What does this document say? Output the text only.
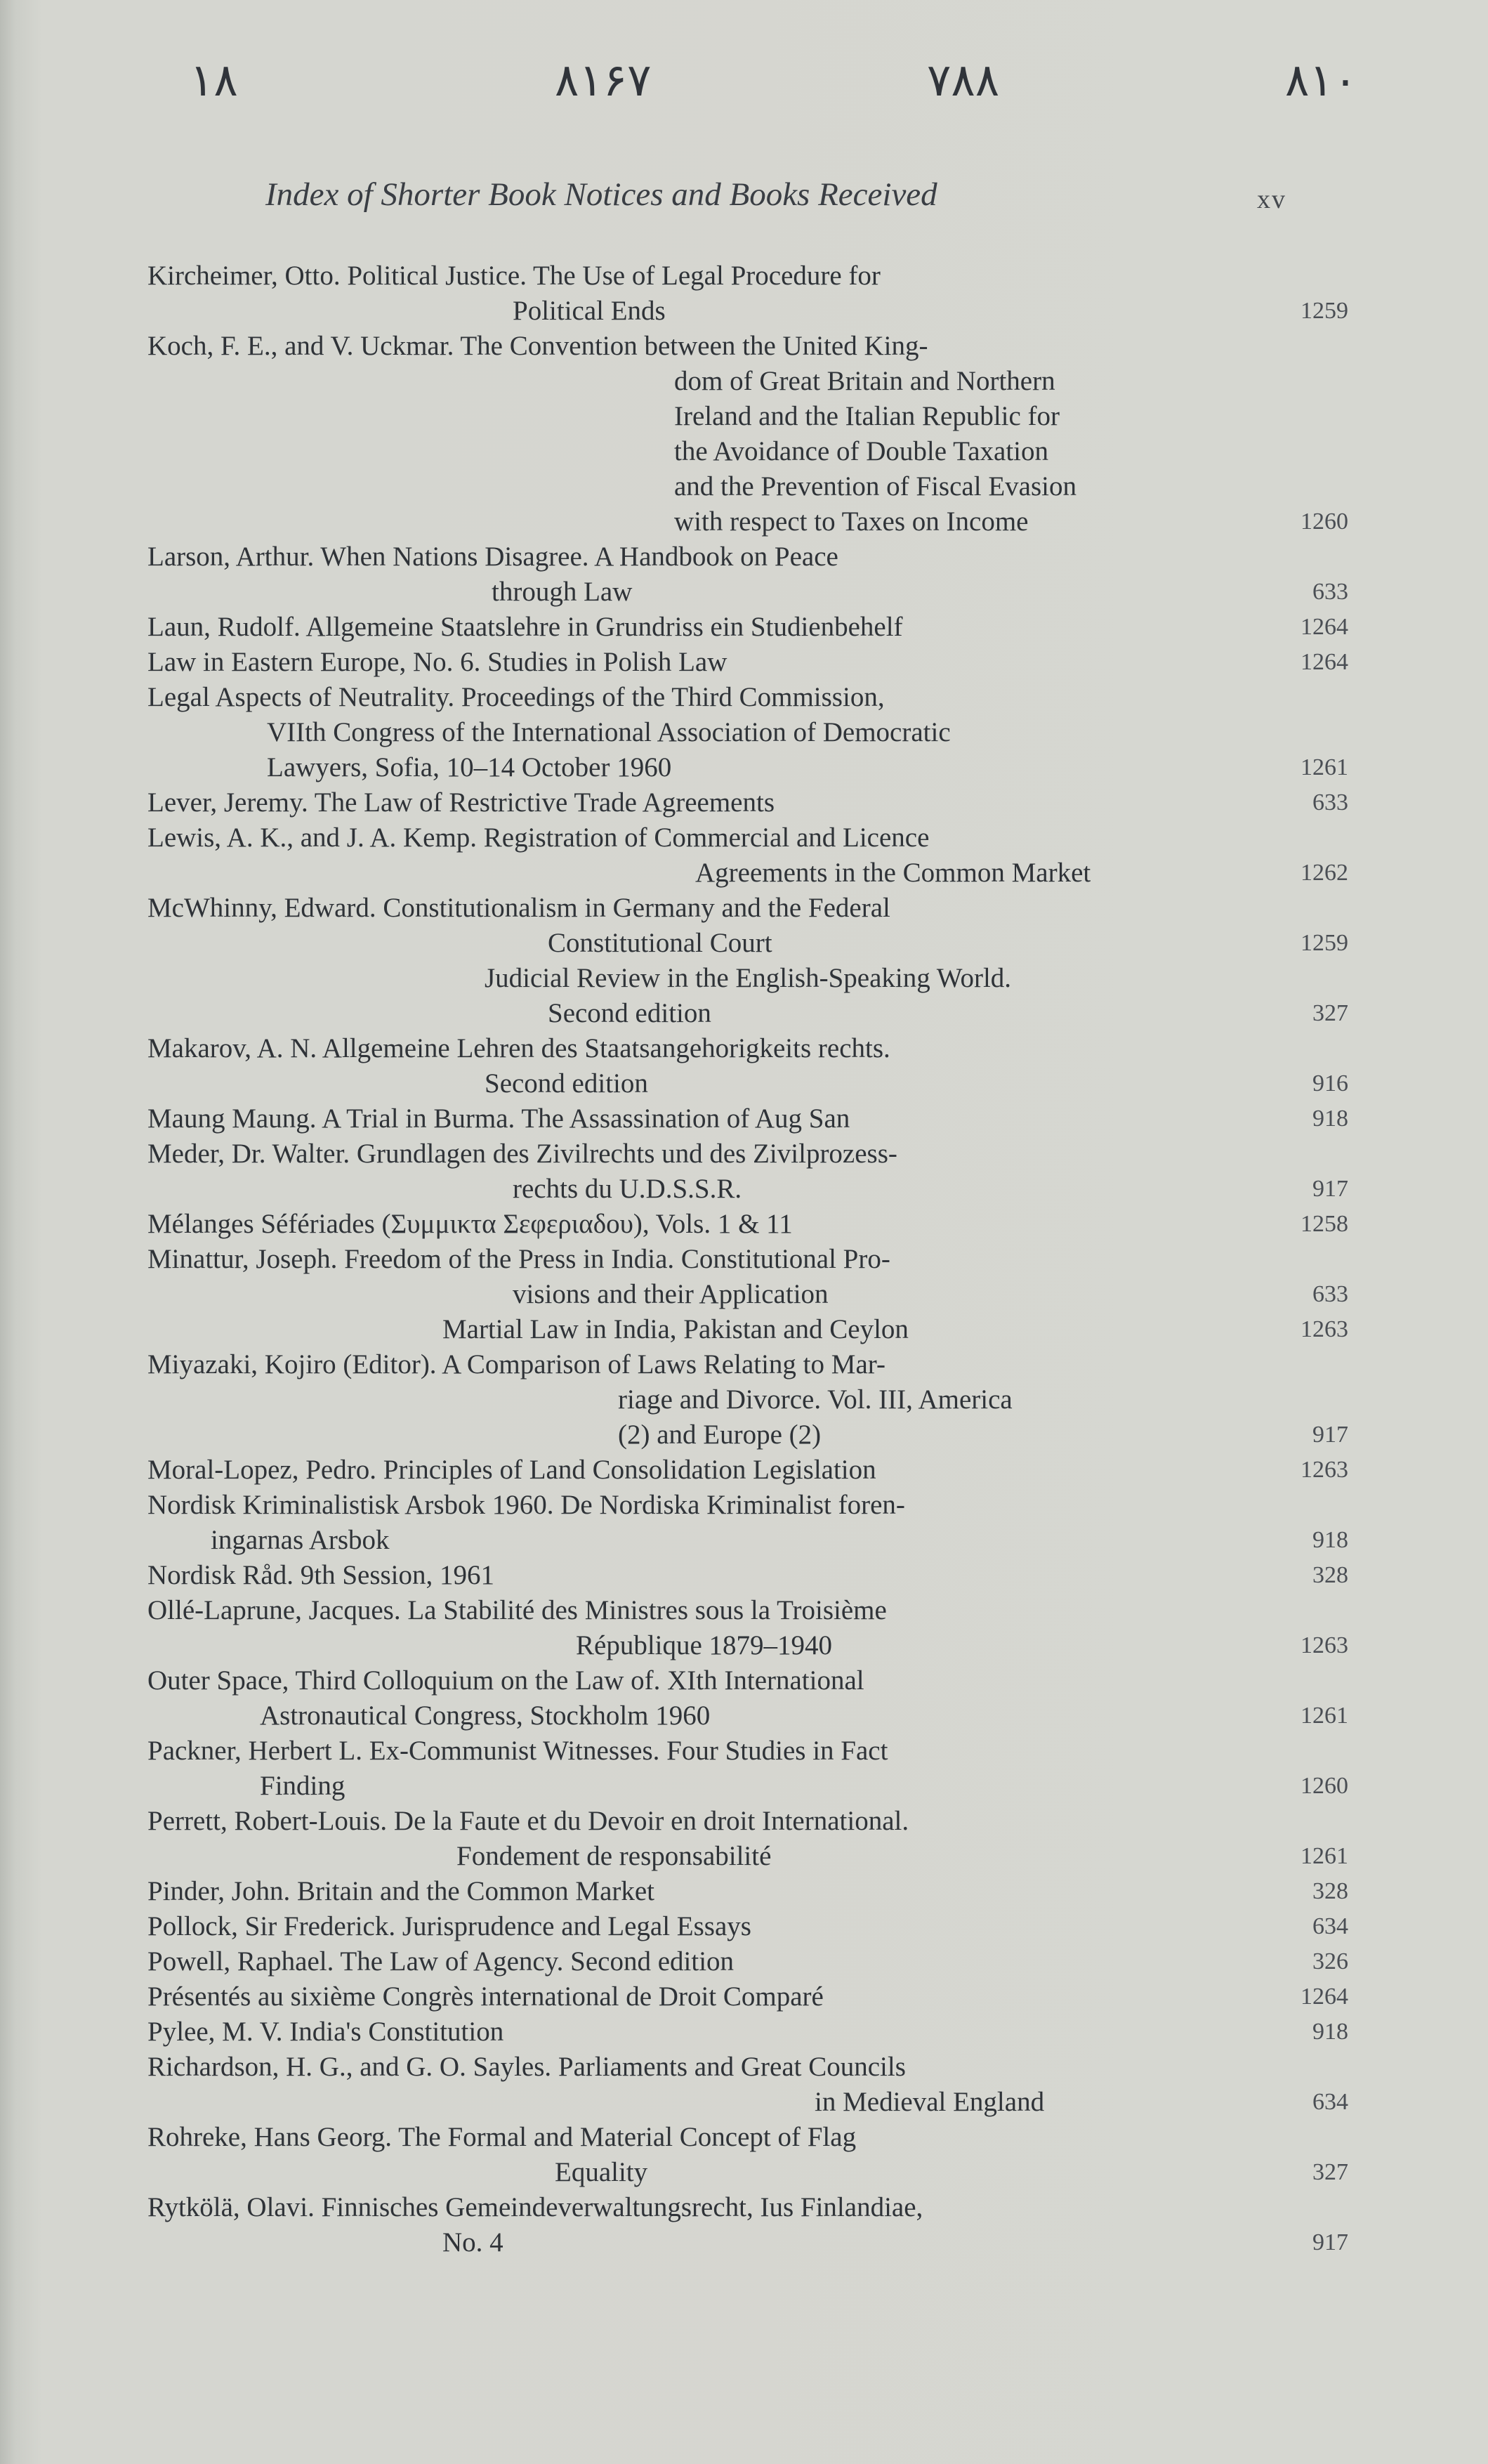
۱۸	۸۱۶۷	۷۸۸	۸۱۰
Index of Shorter Book Notices and Books Received	xv
Kircheimer, Otto. Political Justice. The Use of Legal Procedure for
Political Ends	1259
Koch, F. E., and V. Uckmar. The Convention between the United King-
dom of Great Britain and Northern
Ireland and the Italian Republic for
the Avoidance of Double Taxation
and the Prevention of Fiscal Evasion
with respect to Taxes on Income	1260
Larson, Arthur. When Nations Disagree. A Handbook on Peace
through Law	633
Laun, Rudolf. Allgemeine Staatslehre in Grundriss ein Studienbehelf	1264
Law in Eastern Europe, No. 6. Studies in Polish Law	1264
Legal Aspects of Neutrality. Proceedings of the Third Commission,
VIIth Congress of the International Association of Democratic
Lawyers, Sofia, 10–14 October 1960	1261
Lever, Jeremy. The Law of Restrictive Trade Agreements	633
Lewis, A. K., and J. A. Kemp. Registration of Commercial and Licence
Agreements in the Common Market	1262
McWhinny, Edward. Constitutionalism in Germany and the Federal
Constitutional Court	1259
Judicial Review in the English-Speaking World.
Second edition	327
Makarov, A. N. Allgemeine Lehren des Staatsangehorigkeits rechts.
Second edition	916
Maung Maung. A Trial in Burma. The Assassination of Aug San	918
Meder, Dr. Walter. Grundlagen des Zivilrechts und des Zivilprozess-
rechts du U.D.S.S.R.	917
Mélanges Séfériades (Συμμικτα Σεφεριαδου), Vols. 1 & 11	1258
Minattur, Joseph. Freedom of the Press in India. Constitutional Pro-
visions and their Application	633
Martial Law in India, Pakistan and Ceylon	1263
Miyazaki, Kojiro (Editor). A Comparison of Laws Relating to Mar-
riage and Divorce. Vol. III, America
(2) and Europe (2)	917
Moral-Lopez, Pedro. Principles of Land Consolidation Legislation	1263
Nordisk Kriminalistisk Arsbok 1960. De Nordiska Kriminalist foren-
ingarnas Arsbok	918
Nordisk Råd. 9th Session, 1961	328
Ollé-Laprune, Jacques. La Stabilité des Ministres sous la Troisième
République 1879–1940	1263
Outer Space, Third Colloquium on the Law of. XIth International
Astronautical Congress, Stockholm 1960	1261
Packner, Herbert L. Ex-Communist Witnesses. Four Studies in Fact
Finding	1260
Perrett, Robert-Louis. De la Faute et du Devoir en droit International.
Fondement de responsabilité	1261
Pinder, John. Britain and the Common Market	328
Pollock, Sir Frederick. Jurisprudence and Legal Essays	634
Powell, Raphael. The Law of Agency. Second edition	326
Présentés au sixième Congrès international de Droit Comparé	1264
Pylee, M. V. India's Constitution	918
Richardson, H. G., and G. O. Sayles. Parliaments and Great Councils
in Medieval England	634
Rohreke, Hans Georg. The Formal and Material Concept of Flag
Equality	327
Rytkölä, Olavi. Finnisches Gemeindeverwaltungsrecht, Ius Finlandiae,
No. 4	917
